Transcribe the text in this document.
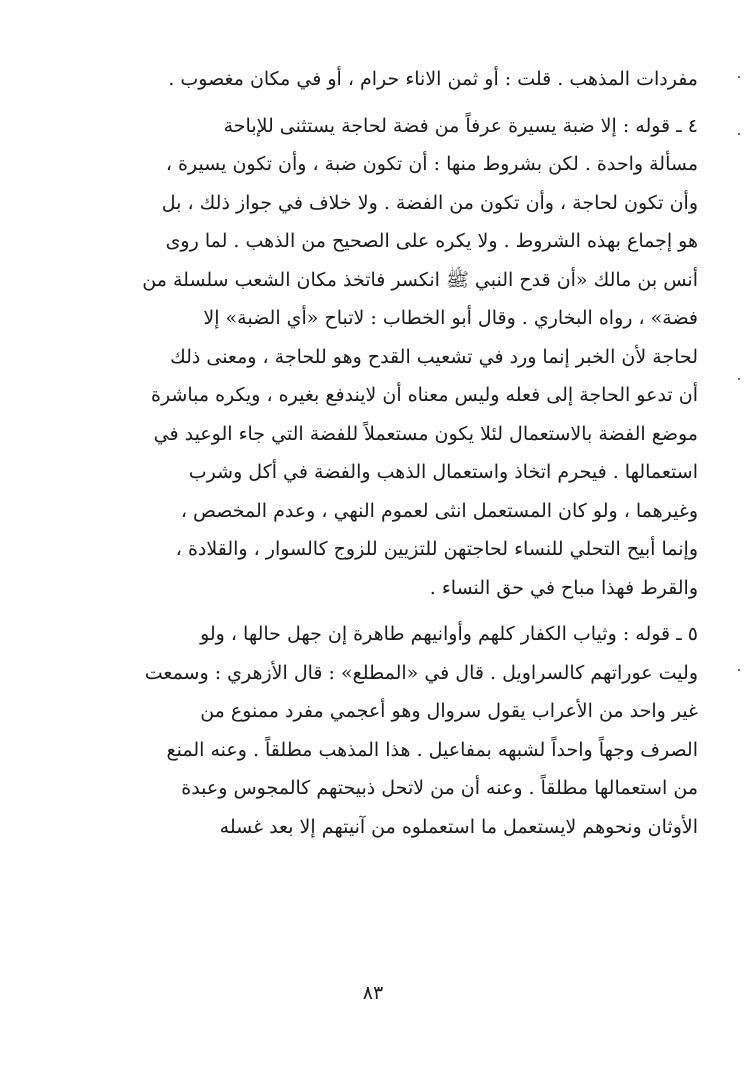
مفردات المذهب . قلت : أو ثمن الاناء حرام ، أو في مكان مغصوب .
٤ ـ قوله : إلا ضبة يسيرة عرفاً من فضة لحاجة يستثنى للإباحة
مسألة واحدة . لكن بشروط منها : أن تكون ضبة ، وأن تكون يسيرة ،
وأن تكون لحاجة ، وأن تكون من الفضة . ولا خلاف في جواز ذلك ، بل
هو إجماع بهذه الشروط . ولا يكره على الصحيح من الذهب . لما روى
أنس بن مالك «أن قدح النبي ﷺ انكسر فاتخذ مكان الشعب سلسلة من
فضة» ، رواه البخاري . وقال أبو الخطاب : لاتباح «أي الضبة» إلا
لحاجة لأن الخبر إنما ورد في تشعيب القدح وهو للحاجة ، ومعنى ذلك
أن تدعو الحاجة إلى فعله وليس معناه أن لايندفع بغيره ، ويكره مباشرة
موضع الفضة بالاستعمال لئلا يكون مستعملاً للفضة التي جاء الوعيد في
استعمالها . فيحرم اتخاذ واستعمال الذهب والفضة في أكل وشرب
وغيرهما ، ولو كان المستعمل انثى لعموم النهي ، وعدم المخصص ،
وإنما أبيح التحلي للنساء لحاجتهن للتزيين للزوج كالسوار ، والقلادة ،
والقرط فهذا مباح في حق النساء .
٥ ـ قوله : وثياب الكفار كلهم وأوانيهم طاهرة إن جهل حالها ، ولو
وليت عوراتهم كالسراويل . قال في «المطلع» : قال الأزهري : وسمعت
غير واحد من الأعراب يقول سروال وهو أعجمي مفرد ممنوع من
الصرف وجهاً واحداً لشبهه بمفاعيل . هذا المذهب مطلقاً . وعنه المنع
من استعمالها مطلقاً . وعنه أن من لاتحل ذبيحتهم كالمجوس وعبدة
الأوثان ونحوهم لايستعمل ما استعملوه من آنيتهم إلا بعد غسله
٨٣
